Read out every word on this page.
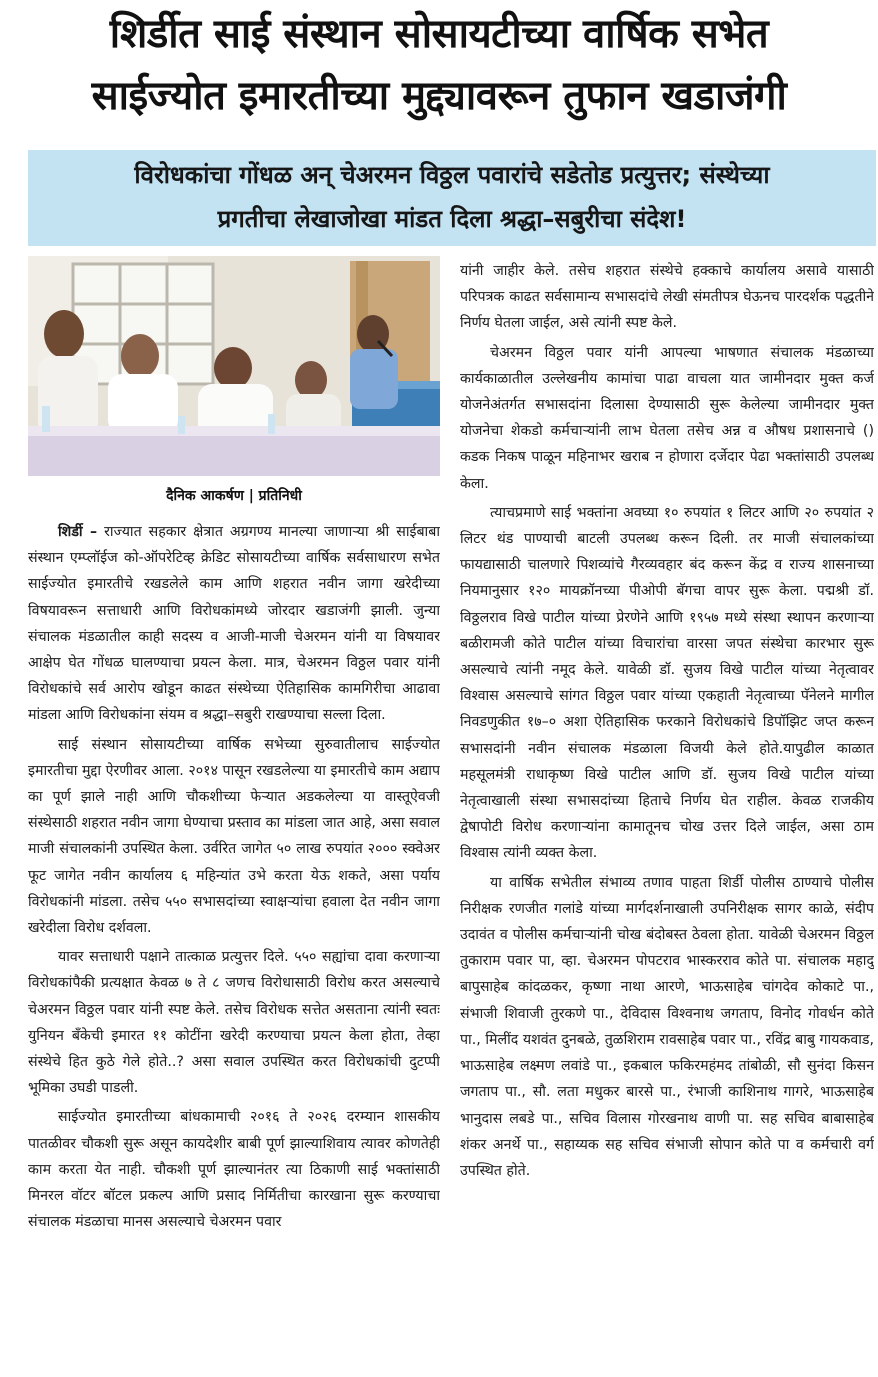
शिर्डीत साई संस्थान सोसायटीच्या वार्षिक सभेत
साईज्योत इमारतीच्या मुद्द्यावरून तुफान खडाजंगी
विरोधकांचा गोंधळ अन्‌ चेअरमन विठ्ठल पवारांचे सडेतोड प्रत्युत्तर; संस्थेच्या
प्रगतीचा लेखाजोखा मांडत दिला श्रद्धा–सबुरीचा संदेश!
दैनिक आकर्षण | प्रतिनिधी

शिर्डी – राज्यात सहकार क्षेत्रात अग्रगण्य मानल्या जाणाऱ्या श्री साईबाबा संस्थान एम्प्लॉईज को-ऑपरेटिव्ह क्रेडिट सोसायटीच्या वार्षिक सर्वसाधारण सभेत साईज्योत इमारतीचे रखडलेले काम आणि शहरात नवीन जागा खरेदीच्या विषयावरून सत्ताधारी आणि विरोधकांमध्ये जोरदार खडाजंगी झाली. जुन्या संचालक मंडळातील काही सदस्य व आजी-माजी चेअरमन यांनी या विषयावर आक्षेप घेत गोंधळ घालण्याचा प्रयत्न केला. मात्र, चेअरमन विठ्ठल पवार यांनी विरोधकांचे सर्व आरोप खोडून काढत संस्थेच्या ऐतिहासिक कामगिरीचा आढावा मांडला आणि विरोधकांना संयम व श्रद्धा–सबुरी राखण्याचा सल्ला दिला.

साई संस्थान सोसायटीच्या वार्षिक सभेच्या सुरुवातीलाच साईज्योत इमारतीचा मुद्दा ऐरणीवर आला. २०१४ पासून रखडलेल्या या इमारतीचे काम अद्याप का पूर्ण झाले नाही आणि चौकशीच्या फेऱ्यात अडकलेल्या या वास्तूऐवजी संस्थेसाठी शहरात नवीन जागा घेण्याचा प्रस्ताव का मांडला जात आहे, असा सवाल माजी संचालकांनी उपस्थित केला. उर्वरित जागेत ५० लाख रुपयांत २००० स्क्वेअर फूट जागेत नवीन कार्यालय ६ महिन्यांत उभे करता येऊ शकते, असा पर्याय विरोधकांनी मांडला. तसेच ५५० सभासदांच्या स्वाक्षऱ्यांचा हवाला देत नवीन जागा खरेदीला विरोध दर्शवला.

यावर सत्ताधारी पक्षाने तात्काळ प्रत्युत्तर दिले. ५५० सह्यांचा दावा करणाऱ्या विरोधकांपैकी प्रत्यक्षात केवळ ७ ते ८ जणच विरोधासाठी विरोध करत असल्याचे चेअरमन विठ्ठल पवार यांनी स्पष्ट केले. तसेच विरोधक सत्तेत असताना त्यांनी स्वतः युनियन बँकेची इमारत ११ कोटींना खरेदी करण्याचा प्रयत्न केला होता, तेव्हा संस्थेचे हित कुठे गेले होते..? असा सवाल उपस्थित करत विरोधकांची दुटप्पी भूमिका उघडी पाडली.

साईज्योत इमारतीच्या बांधकामाची २०१६ ते २०२६ दरम्यान शासकीय पातळीवर चौकशी सुरू असून कायदेशीर बाबी पूर्ण झाल्याशिवाय त्यावर कोणतेही काम करता येत नाही. चौकशी पूर्ण झाल्यानंतर त्या ठिकाणी साई भक्तांसाठी मिनरल वॉटर बॉटल प्रकल्प आणि प्रसाद निर्मितीचा कारखाना सुरू करण्याचा संचालक मंडळाचा मानस असल्याचे चेअरमन पवार

यांनी जाहीर केले. तसेच शहरात संस्थेचे हक्काचे कार्यालय असावे यासाठी परिपत्रक काढत सर्वसामान्य सभासदांचे लेखी संमतीपत्र घेऊनच पारदर्शक पद्धतीने निर्णय घेतला जाईल, असे त्यांनी स्पष्ट केले.

चेअरमन विठ्ठल पवार यांनी आपल्या भाषणात संचालक मंडळाच्या कार्यकाळातील उल्लेखनीय कामांचा पाढा वाचला यात जामीनदार मुक्त कर्ज योजनेअंतर्गत सभासदांना दिलासा देण्यासाठी सुरू केलेल्या जामीनदार मुक्त योजनेचा शेकडो कर्मचाऱ्यांनी लाभ घेतला तसेच अन्न व औषध प्रशासनाचे () कडक निकष पाळून महिनाभर खराब न होणारा दर्जेदार पेढा भक्तांसाठी उपलब्ध केला.

त्याचप्रमाणे साई भक्तांना अवघ्या १० रुपयांत १ लिटर आणि २० रुपयांत २ लिटर थंड पाण्याची बाटली उपलब्ध करून दिली. तर माजी संचालकांच्या फायद्यासाठी चालणारे पिशव्यांचे गैरव्यवहार बंद करून केंद्र व राज्य शासनाच्या नियमानुसार १२० मायक्रॉनच्या पीओपी बॅगचा वापर सुरू केला. पद्मश्री डॉ. विठ्ठलराव विखे पाटील यांच्या प्रेरणेने आणि १९५७ मध्ये संस्था स्थापन करणाऱ्या बळीरामजी कोते पाटील यांच्या विचारांचा वारसा जपत संस्थेचा कारभार सुरू असल्याचे त्यांनी नमूद केले. यावेळी डॉ. सुजय विखे पाटील यांच्या नेतृत्वावर विश्वास असल्याचे सांगत विठ्ठल पवार यांच्या एकहाती नेतृत्वाच्या पॅनेलने मागील निवडणुकीत १७–० अशा ऐतिहासिक फरकाने विरोधकांचे डिपॉझिट जप्त करून सभासदांनी नवीन संचालक मंडळाला विजयी केले होते.यापुढील काळात महसूलमंत्री राधाकृष्ण विखे पाटील आणि डॉ. सुजय विखे पाटील यांच्या नेतृत्वाखाली संस्था सभासदांच्या हिताचे निर्णय घेत राहील. केवळ राजकीय द्वेषापोटी विरोध करणाऱ्यांना कामातूनच चोख उत्तर दिले जाईल, असा ठाम विश्वास त्यांनी व्यक्त केला.

या वार्षिक सभेतील संभाव्य तणाव पाहता शिर्डी पोलीस ठाण्याचे पोलीस निरीक्षक रणजीत गलांडे यांच्या मार्गदर्शनाखाली उपनिरीक्षक सागर काळे, संदीप उदावंत व पोलीस कर्मचाऱ्यांनी चोख बंदोबस्त ठेवला होता. यावेळी चेअरमन विठ्ठल तुकाराम पवार पा, व्हा. चेअरमन पोपटराव भास्करराव कोते पा. संचालक महादु बापुसाहेब कांदळकर, कृष्णा नाथा आरणे, भाऊसाहेब चांगदेव कोकाटे पा., संभाजी शिवाजी तुरकणे पा., देविदास विश्वनाथ जगताप, विनोद गोवर्धन कोते पा., मिलींद यशवंत दुनबळे, तुळशिराम रावसाहेब पवार पा., रविंद्र बाबु गायकवाड, भाऊसाहेब लक्ष्मण लवांडे पा., इकबाल फकिरमहंमद तांबोळी, सौ सुनंदा किसन जगताप पा., सौ. लता मधुकर बारसे पा., रंभाजी काशिनाथ गागरे, भाऊसाहेब भानुदास लबडे पा., सचिव विलास गोरखनाथ वाणी पा. सह सचिव बाबासाहेब शंकर अनर्थे पा., सहाय्यक सह सचिव संभाजी सोपान कोते पा व कर्मचारी वर्ग उपस्थित होते.
